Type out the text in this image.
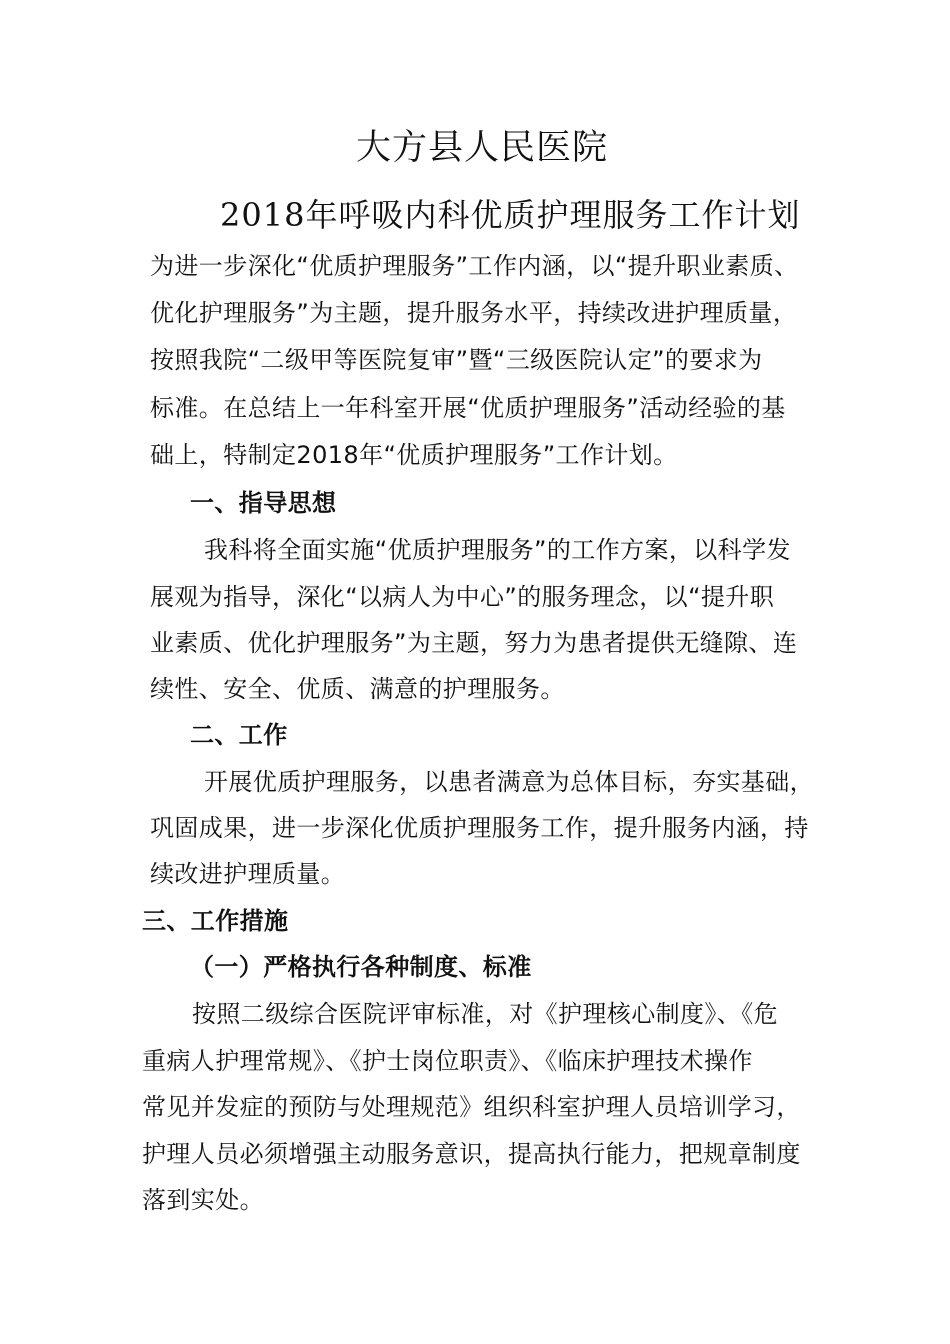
大方县人民医院
2018年呼吸内科优质护理服务工作计划
为进一步深化“优质护理服务”工作内涵，以“提升职业素质、
优化护理服务”为主题，提升服务水平，持续改进护理质量，
按照我院“二级甲等医院复审”暨“三级医院认定”的要求为
标准。在总结上一年科室开展“优质护理服务”活动经验的基
础上，特制定2018年“优质护理服务”工作计划。
一、指导思想
我科将全面实施“优质护理服务”的工作方案，以科学发
展观为指导，深化“以病人为中心”的服务理念，以“提升职
业素质、优化护理服务”为主题，努力为患者提供无缝隙、连
续性、安全、优质、满意的护理服务。
二、工作
开展优质护理服务，以患者满意为总体目标，夯实基础，
巩固成果，进一步深化优质护理服务工作，提升服务内涵，持
续改进护理质量。
三、工作措施
（一）严格执行各种制度、标准
按照二级综合医院评审标准，对《护理核心制度》、《危
重病人护理常规》、《护士岗位职责》、《临床护理技术操作
常见并发症的预防与处理规范》组织科室护理人员培训学习，
护理人员必须增强主动服务意识，提高执行能力，把规章制度
落到实处。
